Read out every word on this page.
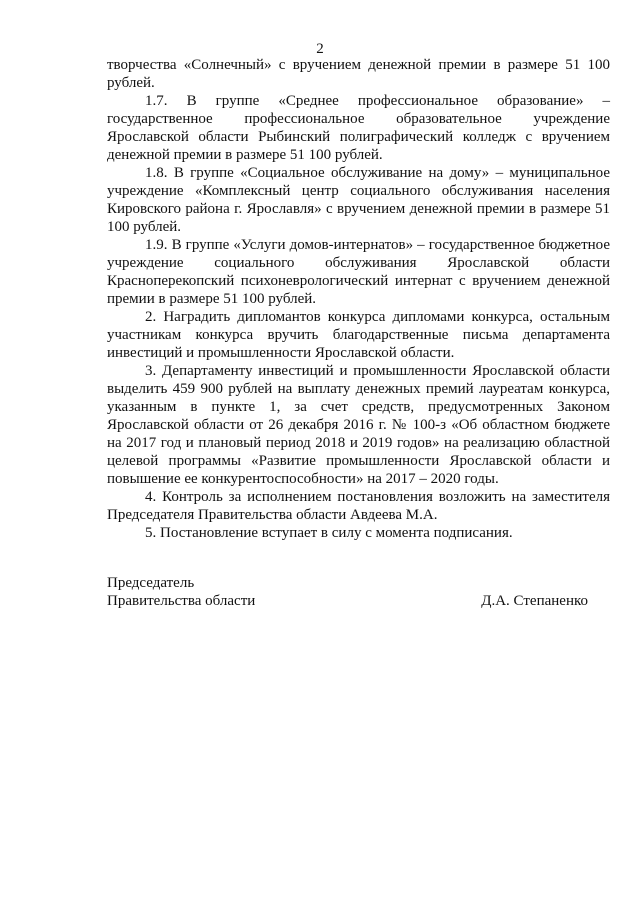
2

творчества «Солнечный» с вручением денежной премии в размере 51 100 рублей.

1.7. В группе «Среднее профессиональное образование» – государственное профессиональное образовательное учреждение Ярославской области Рыбинский полиграфический колледж с вручением денежной премии в размере 51 100 рублей.

1.8. В группе «Социальное обслуживание на дому» – муниципальное учреждение «Комплексный центр социального обслуживания населения Кировского района г. Ярославля» с вручением денежной премии в размере 51 100 рублей.

1.9. В группе «Услуги домов-интернатов» – государственное бюджетное учреждение социального обслуживания Ярославской области Краснoперекопский психоневрологический интернат с вручением денежной премии в размере 51 100 рублей.

2. Наградить дипломантов конкурса дипломами конкурса, остальным участникам конкурса вручить благодарственные письма департамента инвестиций и промышленности Ярославской области.

3. Департаменту инвестиций и промышленности Ярославской области выделить 459 900 рублей на выплату денежных премий лауреатам конкурса, указанным в пункте 1, за счет средств, предусмотренных Законом Ярославской области от 26 декабря 2016 г. № 100-з «Об областном бюджете на 2017 год и плановый период 2018 и 2019 годов» на реализацию областной целевой программы «Развитие промышленности Ярославской области и повышение ее конкурентоспособности» на 2017 – 2020 годы.

4. Контроль за исполнением постановления возложить на заместителя Председателя Правительства области Авдеева М.А.

5. Постановление вступает в силу с момента подписания.

Председатель
Правительства области	Д.А. Степаненко
